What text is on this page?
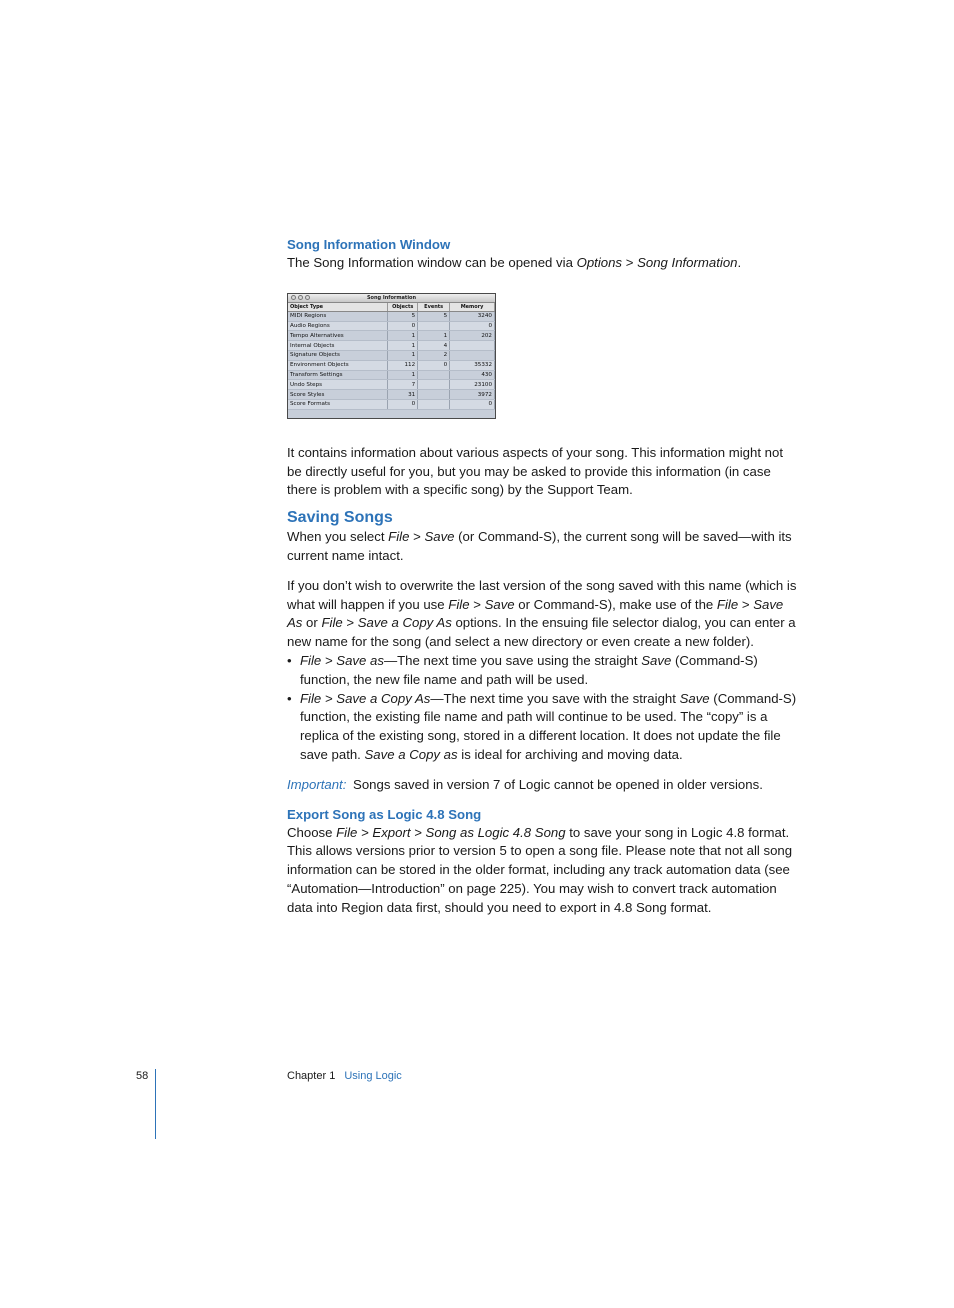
Song Information Window

The Song Information window can be opened via Options > Song Information.

Song Information
Object Type	Objects	Events	Memory
MIDI Regions	5	5	3240
Audio Regions	0		0
Tempo Alternatives	1	1	202
Internal Objects	1	4	
Signature Objects	1	2	
Environment Objects	112	0	35332
Transform Settings	1		430
Undo Steps	7		23100
Score Styles	31		3972
Score Formats	0		0

It contains information about various aspects of your song. This information might not be directly useful for you, but you may be asked to provide this information (in case there is problem with a specific song) by the Support Team.

Saving Songs

When you select File > Save (or Command-S), the current song will be saved—with its current name intact.

If you don’t wish to overwrite the last version of the song saved with this name (which is what will happen if you use File > Save or Command-S), make use of the File > Save As or File > Save a Copy As options. In the ensuing file selector dialog, you can enter a new name for the song (and select a new directory or even create a new folder).

• File > Save as—The next time you save using the straight Save (Command-S) function, the new file name and path will be used.
• File > Save a Copy As—The next time you save with the straight Save (Command-S) function, the existing file name and path will continue to be used. The “copy” is a replica of the existing song, stored in a different location. It does not update the file save path. Save a Copy as is ideal for archiving and moving data.

Important: Songs saved in version 7 of Logic cannot be opened in older versions.

Export Song as Logic 4.8 Song

Choose File > Export > Song as Logic 4.8 Song to save your song in Logic 4.8 format. This allows versions prior to version 5 to open a song file. Please note that not all song information can be stored in the older format, including any track automation data (see “Automation—Introduction” on page 225). You may wish to convert track automation data into Region data first, should you need to export in 4.8 Song format.

58	Chapter 1 Using Logic
